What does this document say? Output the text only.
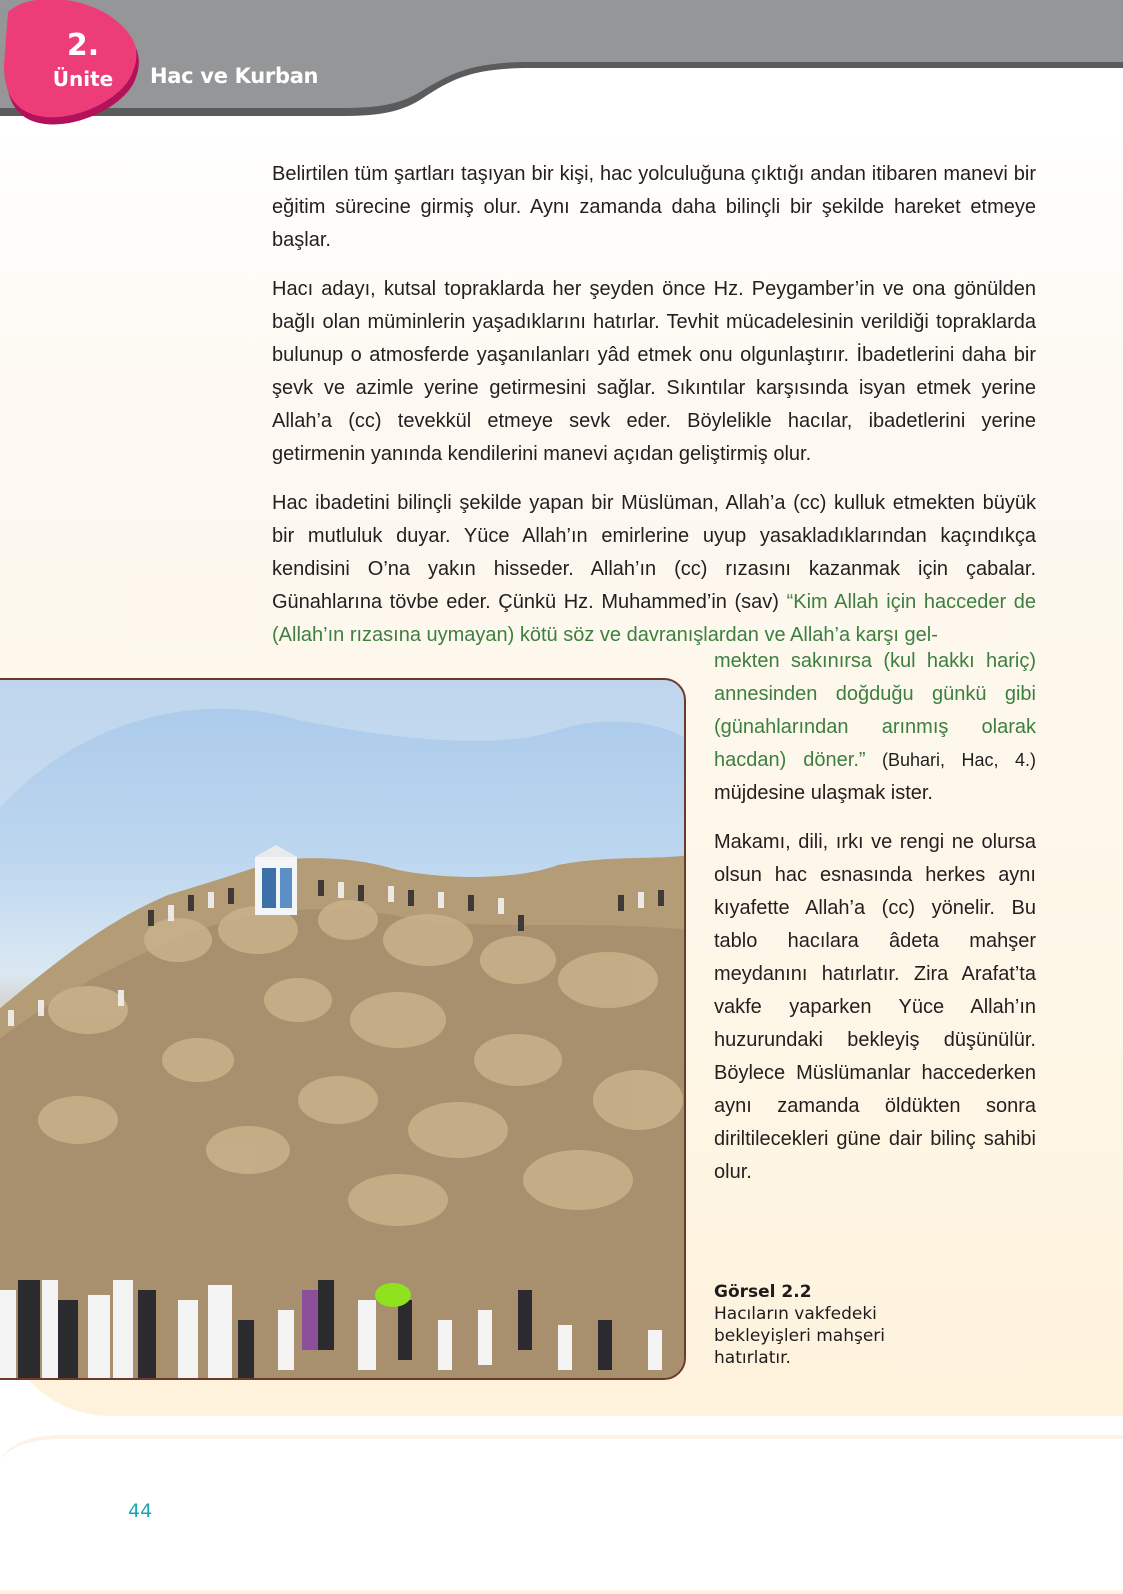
2.
Ünite	Hac ve Kurban

Belirtilen tüm şartları taşıyan bir kişi, hac yolculuğuna çıktığı andan itibaren manevi bir eğitim sürecine girmiş olur. Aynı zamanda daha bilinçli bir şekilde hareket etmeye başlar.

Hacı adayı, kutsal topraklarda her şeyden önce Hz. Peygamber’in ve ona gönülden bağlı olan müminlerin yaşadıklarını hatırlar. Tevhit mücadelesinin verildiği topraklarda bulunup o atmosferde yaşanılanları yâd etmek onu olgunlaştırır. İbadetlerini daha bir şevk ve azimle yerine getirmesini sağlar. Sıkıntılar karşısında isyan etmek yerine Allah’a (cc) tevekkül etmeye sevk eder. Böylelikle hacılar, ibadetlerini yerine getirmenin yanında kendilerini manevi açıdan geliştirmiş olur.

Hac ibadetini bilinçli şekilde yapan bir Müslüman, Allah’a (cc) kulluk etmekten büyük bir mutluluk duyar. Yüce Allah’ın emirlerine uyup yasakladıklarından kaçındıkça kendisini O’na yakın hisseder. Allah’ın (cc) rızasını kazanmak için çabalar. Günahlarına tövbe eder. Çünkü Hz. Muhammed’in (sav) “Kim Allah için hacceder de (Allah’ın rızasına uymayan) kötü söz ve davranışlardan ve Allah’a karşı gel-

mekten sakınırsa (kul hakkı hariç) annesinden doğduğu günkü gibi (günahlarından arınmış olarak hacdan) döner.” (Buhari, Hac, 4.) müjdesine ulaşmak ister.

Makamı, dili, ırkı ve rengi ne olursa olsun hac esnasında herkes aynı kıyafette Allah’a (cc) yönelir. Bu tablo hacılara âdeta mahşer meydanını hatırlatır. Zira Arafat’ta vakfe yaparken Yüce Allah’ın huzurundaki bekleyiş düşünülür. Böylece Müslümanlar haccederken aynı zamanda öldükten sonra diriltilecekleri güne dair bilinç sahibi olur.

Görsel 2.2
Hacıların vakfedeki bekleyişleri mahşeri hatırlatır.
44
